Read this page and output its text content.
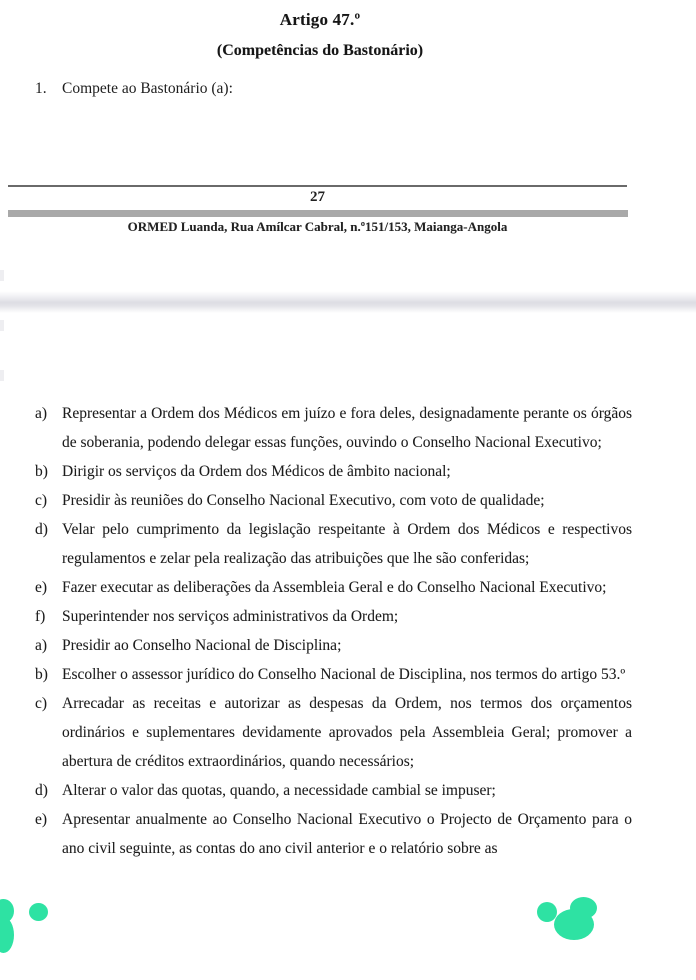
Artigo 47.º
(Competências do Bastonário)
1. Compete ao Bastonário (a):
27
ORMED Luanda, Rua Amílcar Cabral, n.º151/153, Maianga-Angola
a) Representar a Ordem dos Médicos em juízo e fora deles, designadamente perante os órgãos de soberania, podendo delegar essas funções, ouvindo o Conselho Nacional Executivo;
b) Dirigir os serviços da Ordem dos Médicos de âmbito nacional;
c) Presidir às reuniões do Conselho Nacional Executivo, com voto de qualidade;
d) Velar pelo cumprimento da legislação respeitante à Ordem dos Médicos e respectivos regulamentos e zelar pela realização das atribuições que lhe são conferidas;
e) Fazer executar as deliberações da Assembleia Geral e do Conselho Nacional Executivo;
f)	Superintender nos serviços administrativos da Ordem;
a) Presidir ao Conselho Nacional de Disciplina;
b) Escolher o assessor jurídico do Conselho Nacional de Disciplina, nos termos do artigo 53.º
c) Arrecadar as receitas e autorizar as despesas da Ordem, nos termos dos orçamentos ordinários e suplementares devidamente aprovados pela Assembleia Geral; promover a abertura de créditos extraordinários, quando necessários;
d) Alterar o valor das quotas, quando, a necessidade cambial se impuser;
e) Apresentar anualmente ao Conselho Nacional Executivo o Projecto de Orçamento para o ano civil seguinte, as contas do ano civil anterior e o relatório sobre as
